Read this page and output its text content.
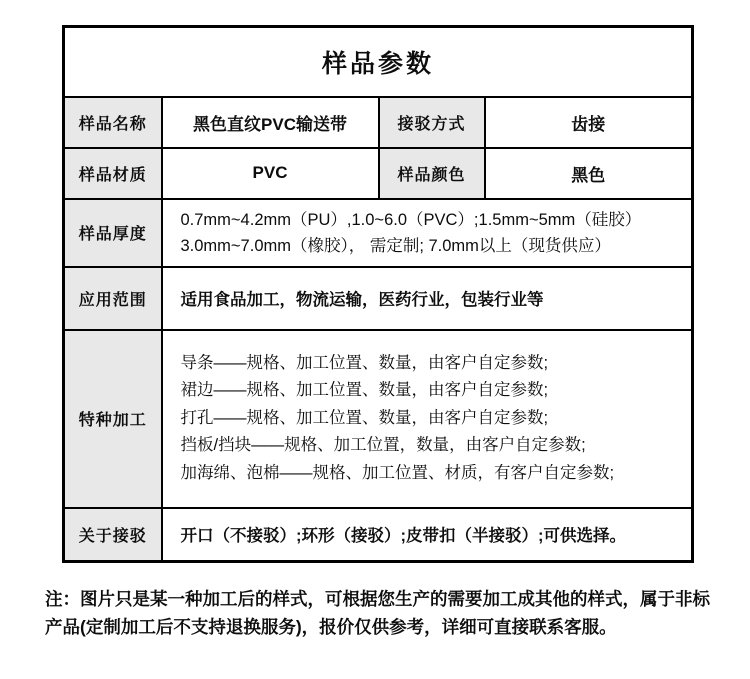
样品参数			
样品名称	黑色直纹PVC输送带	接驳方式	齿接
样品材质	PVC	样品颜色	黑色
样品厚度	0.7mm~4.2mm（PU）,1.0~6.0（PVC）;1.5mm~5mm（硅胶）
3.0mm~7.0mm（橡胶）， 需定制; 7.0mm以上（现货供应）		

应用范围	适用食品加工，物流运输，医药行业，包装行业等		
特种加工	导条——规格、加工位置、数量，由客户自定参数;
裙边——规格、加工位置、数量，由客户自定参数;
打孔——规格、加工位置、数量，由客户自定参数;
挡板/挡块——规格、加工位置，数量，由客户自定参数;
加海绵、泡棉——规格、加工位置、材质，有客户自定参数;		

关于接驳	开口（不接驳）;环形（接驳）;皮带扣（半接驳）;可供选择。		
注：图片只是某一种加工后的样式，可根据您生产的需要加工成其他的样式，属于非标
产品(定制加工后不支持退换服务)，报价仅供参考，详细可直接联系客服。
